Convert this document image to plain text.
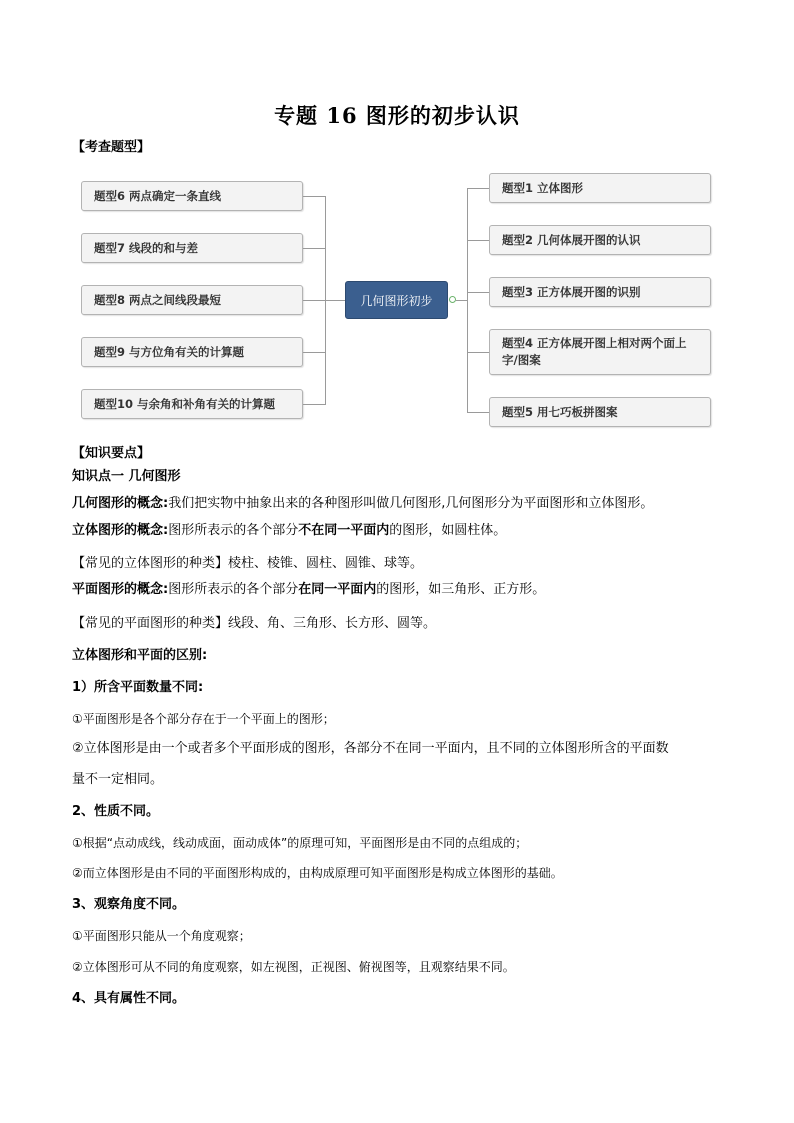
专题 16 图形的初步认识
【考查题型】
题型6 两点确定一条直线
题型7 线段的和与差
题型8 两点之间线段最短
题型9 与方位角有关的计算题
题型10 与余角和补角有关的计算题
几何图形初步
题型1 立体图形
题型2 几何体展开图的认识
题型3 正方体展开图的识别
题型4 正方体展开图上相对两个面上字/图案
题型5 用七巧板拼图案
【知识要点】
知识点一 几何图形
几何图形的概念:我们把实物中抽象出来的各种图形叫做几何图形,几何图形分为平面图形和立体图形。
立体图形的概念:图形所表示的各个部分不在同一平面内的图形，如圆柱体。
【常见的立体图形的种类】棱柱、棱锥、圆柱、圆锥、球等。
平面图形的概念:图形所表示的各个部分在同一平面内的图形，如三角形、正方形。
【常见的平面图形的种类】线段、角、三角形、长方形、圆等。
立体图形和平面的区别:
1）所含平面数量不同:
①平面图形是各个部分存在于一个平面上的图形；
②立体图形是由一个或者多个平面形成的图形，各部分不在同一平面内，且不同的立体图形所含的平面数
量不一定相同。
2、性质不同。
①根据“点动成线，线动成面，面动成体”的原理可知，平面图形是由不同的点组成的；
②而立体图形是由不同的平面图形构成的，由构成原理可知平面图形是构成立体图形的基础。
3、观察角度不同。
①平面图形只能从一个角度观察；
②立体图形可从不同的角度观察，如左视图，正视图、俯视图等，且观察结果不同。
4、具有属性不同。
